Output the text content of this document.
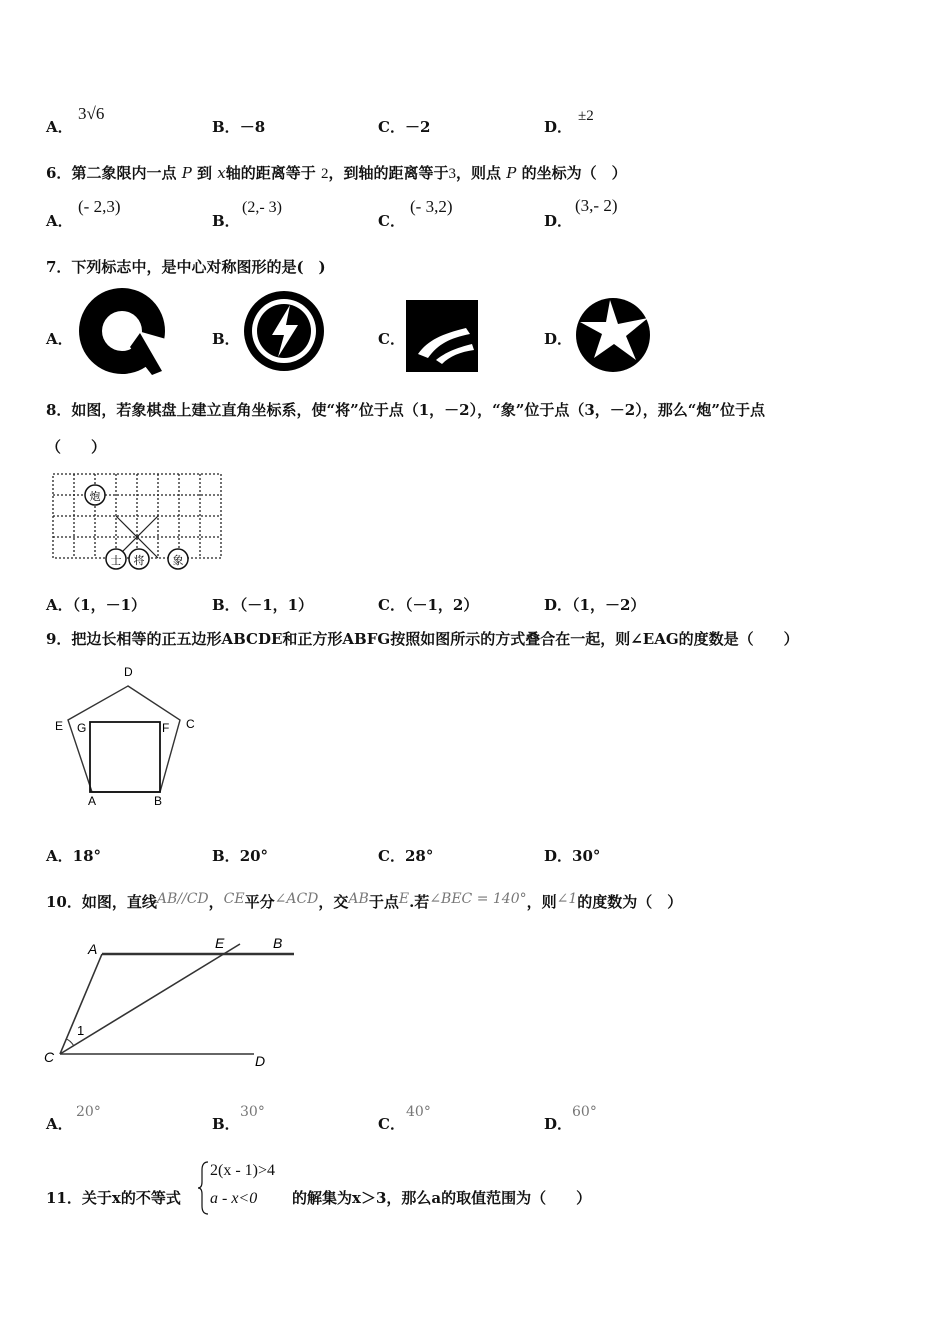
A．
3√6
B．－8	C．－2	D．
±2
6．第二象限内一点 P 到 x轴的距离等于 2，到轴的距离等于3，则点 P 的坐标为（　）
A．
(- 2,3)
B．
(2,- 3)
C．
(- 3,2)
D．
(3,- 2)
7．下列标志中，是中心对称图形的是(　)
A．	B．	C．	D．
8．如图，若象棋盘上建立直角坐标系，使“将”位于点（1，－2），“象”位于点（3，－2），那么“炮”位于点
（　　）
炮
士 将	象
A．（1，－1）	B．（－1，1）	C．（－1，2）	D．（1，－2）
9．把边长相等的正五边形ABCDE和正方形ABFG按照如图所示的方式叠合在一起，则∠EAG的度数是（　　）
D
E G	F C
A	B
A．18°	B．20°	C．28°	D．30°
10．如图，直线AB//CD，CE平分∠ACD，交AB于点E.若∠BEC = 140°，则∠1的度数为（　）
A	E	B
C	D
1
A．
20°
B．
30°
C．
40°
D．
60°
11．关于x的不等式
2(x - 1)>4
a - x<0 的解集为x＞3，那么a的取值范围为（　　）
